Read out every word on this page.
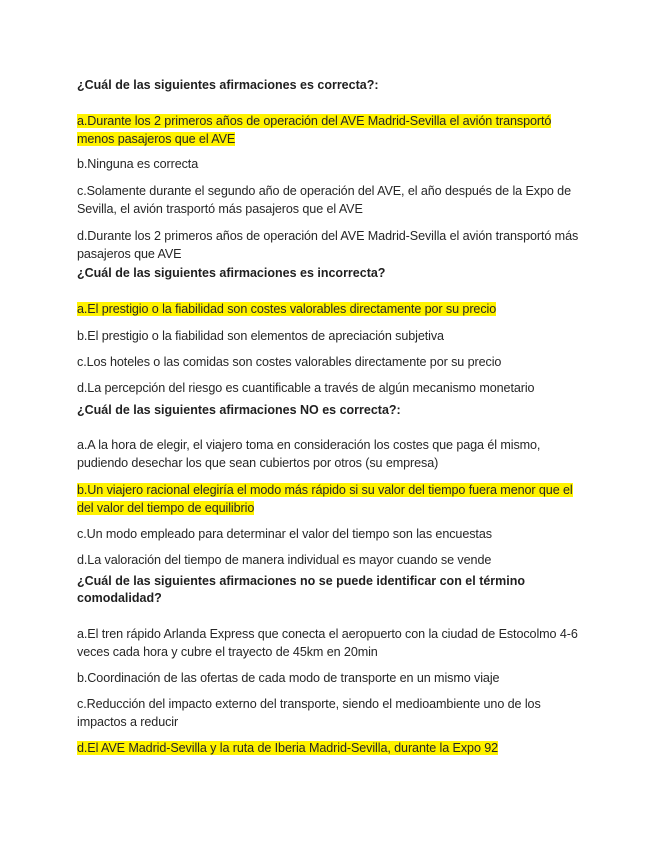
¿Cuál de las siguientes afirmaciones es correcta?:

a.Durante los 2 primeros años de operación del AVE Madrid-Sevilla el avión transportó menos pasajeros que el AVE

b.Ninguna es correcta

c.Solamente durante el segundo año de operación del AVE, el año después de la Expo de Sevilla, el avión trasportó más pasajeros que el AVE

d.Durante los 2 primeros años de operación del AVE Madrid-Sevilla el avión transportó más pasajeros que AVE

¿Cuál de las siguientes afirmaciones es incorrecta?

a.El prestigio o la fiabilidad son costes valorables directamente por su precio

b.El prestigio o la fiabilidad son elementos de apreciación subjetiva

c.Los hoteles o las comidas son costes valorables directamente por su precio

d.La percepción del riesgo es cuantificable a través de algún mecanismo monetario

¿Cuál de las siguientes afirmaciones NO es correcta?:

a.A la hora de elegir, el viajero toma en consideración los costes que paga él mismo, pudiendo desechar los que sean cubiertos por otros (su empresa)

b.Un viajero racional elegiría el modo más rápido si su valor del tiempo fuera menor que el del valor del tiempo de equilibrio

c.Un modo empleado para determinar el valor del tiempo son las encuestas

d.La valoración del tiempo de manera individual es mayor cuando se vende

¿Cuál de las siguientes afirmaciones no se puede identificar con el término comodalidad?

a.El tren rápido Arlanda Express que conecta el aeropuerto con la ciudad de Estocolmo 4-6 veces cada hora y cubre el trayecto de 45km en 20min

b.Coordinación de las ofertas de cada modo de transporte en un mismo viaje

c.Reducción del impacto externo del transporte, siendo el medioambiente uno de los impactos a reducir

d.El AVE Madrid-Sevilla y la ruta de Iberia Madrid-Sevilla, durante la Expo 92
